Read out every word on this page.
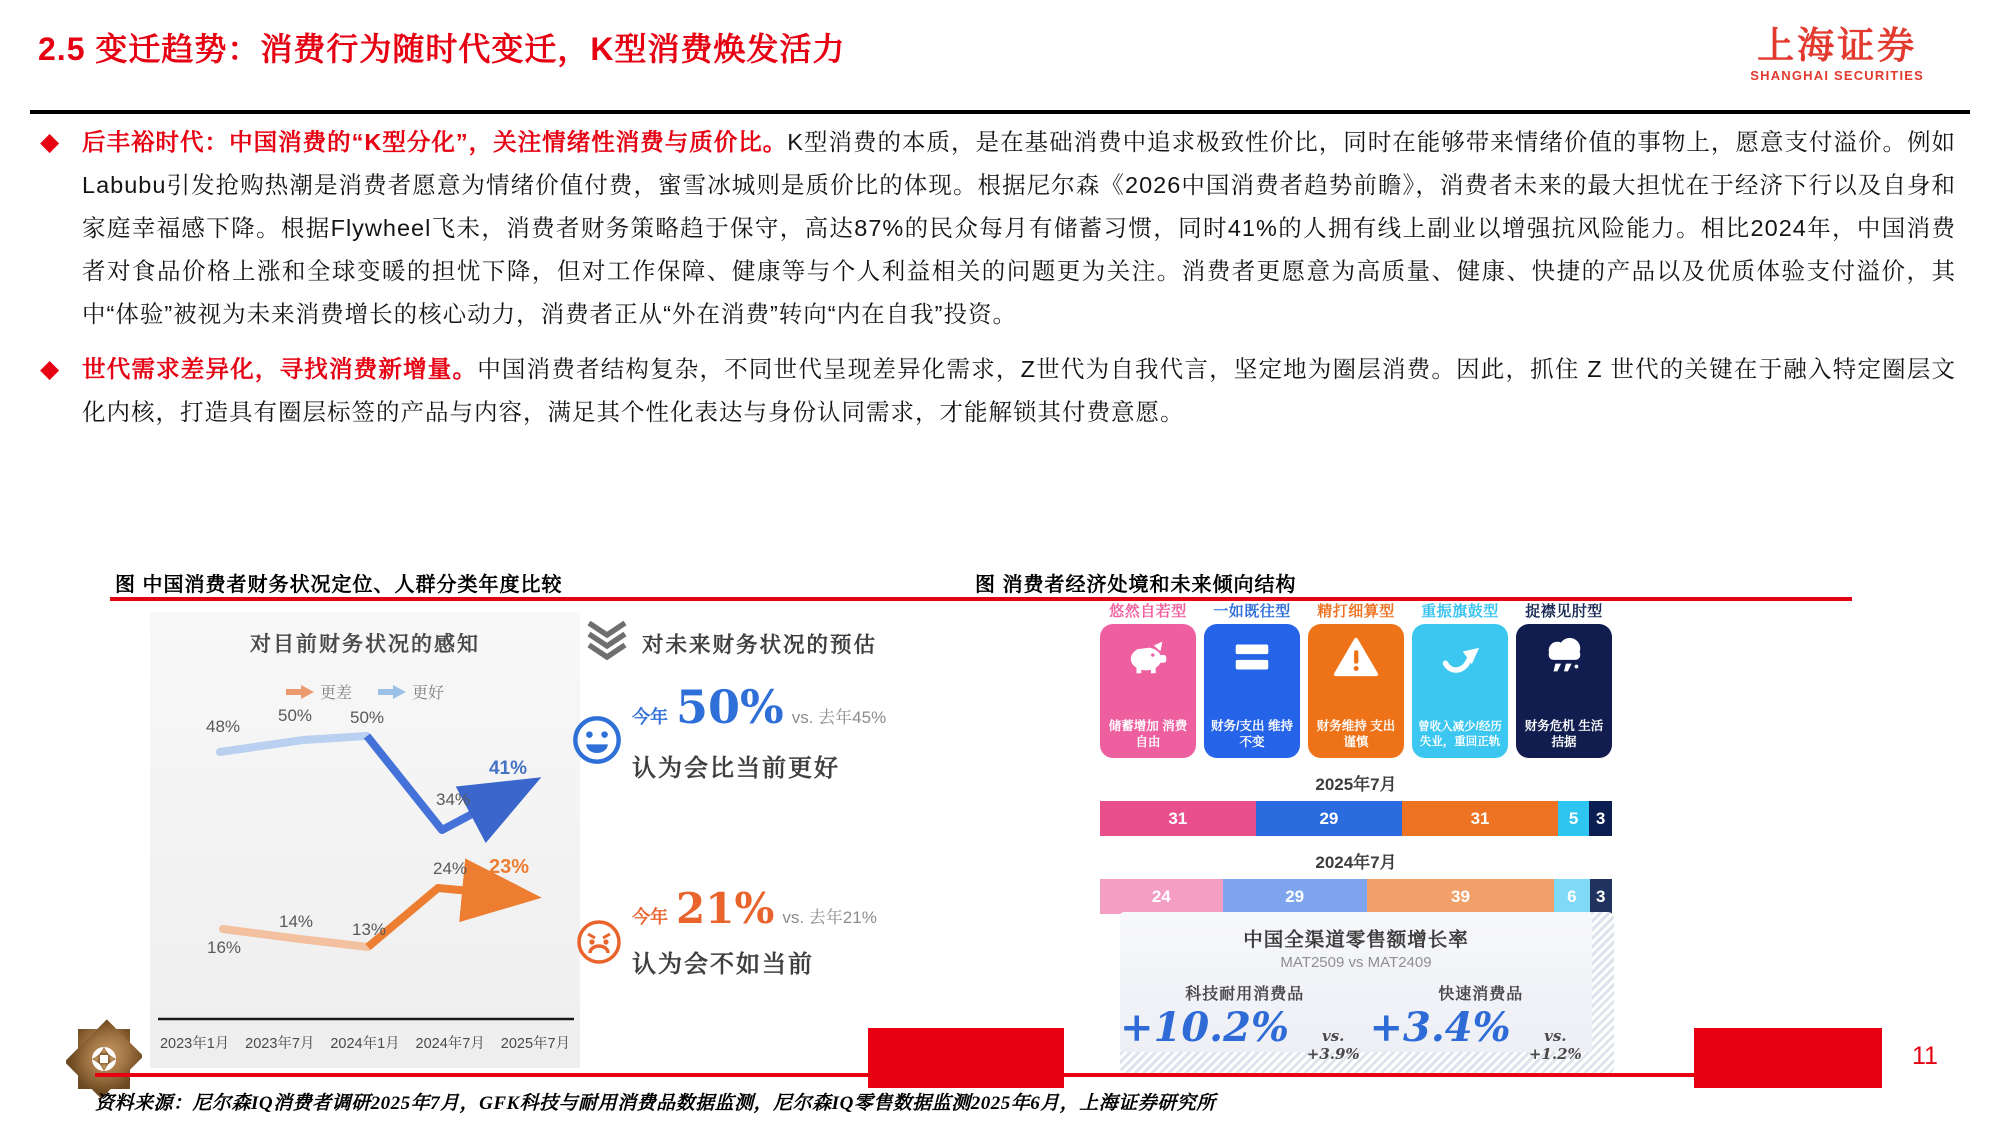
2.5 变迁趋势：消费行为随时代变迁，K型消费焕发活力	上海证券
SHANGHAI SECURITIES
◆ 后丰裕时代：中国消费的“K型分化”，关注情绪性消费与质价比。K型消费的本质，是在基础消费中追求极致性价比，同时在能够带来情绪价值的事物上，愿意支付溢价。例如Labubu引发抢购热潮是消费者愿意为情绪价值付费，蜜雪冰城则是质价比的体现。根据尼尔森《2026中国消费者趋势前瞻》，消费者未来的最大担忧在于经济下行以及自身和家庭幸福感下降。根据Flywheel飞未，消费者财务策略趋于保守，高达87%的民众每月有储蓄习惯，同时41%的人拥有线上副业以增强抗风险能力。相比2024年，中国消费者对食品价格上涨和全球变暖的担忧下降，但对工作保障、健康等与个人利益相关的问题更为关注。消费者更愿意为高质量、健康、快捷的产品以及优质体验支付溢价，其中“体验”被视为未来消费增长的核心动力，消费者正从“外在消费”转向“内在自我”投资。

◆ 世代需求差异化，寻找消费新增量。中国消费者结构复杂，不同世代呈现差异化需求，Z世代为自我代言，坚定地为圈层消费。因此，抓住 Z 世代的关键在于融入特定圈层文化内核，打造具有圈层标签的产品与内容，满足其个性化表达与身份认同需求，才能解锁其付费意愿。

图 中国消费者财务状况定位、人群分类年度比较	图 消费者经济处境和未来倾向结构
对目前财务状况的感知
更差	更好
48%
50%	50%
34%
41%
16%
14%	13%
24% 23%
2023年1月	2023年7月	2024年1月	2024年7月	2025年7月
对未来财务状况的预估
今年 50% vs. 去年45%
认为会比当前更好
今年 21% vs. 去年21%
认为会不如当前
悠然自若型
储蓄增加 消费自由
一如既往型
财务/支出 维持不变
精打细算型
财务维持 支出谨慎
重振旗鼓型
曾收入减少/经历失业，重回正轨
捉襟见肘型
财务危机 生活拮据
2025年7月
31	29	31	5	3
2024年7月
24	29	39	6	3
中国全渠道零售额增长率
MAT2509 vs MAT2409
科技耐用消费品
+10.2%	vs. +3.9%
快速消费品
+3.4%	vs. +1.2%	11
资料来源：尼尔森IQ消费者调研2025年7月，GFK科技与耐用消费品数据监测，尼尔森IQ零售数据监测2025年6月，上海证券研究所
